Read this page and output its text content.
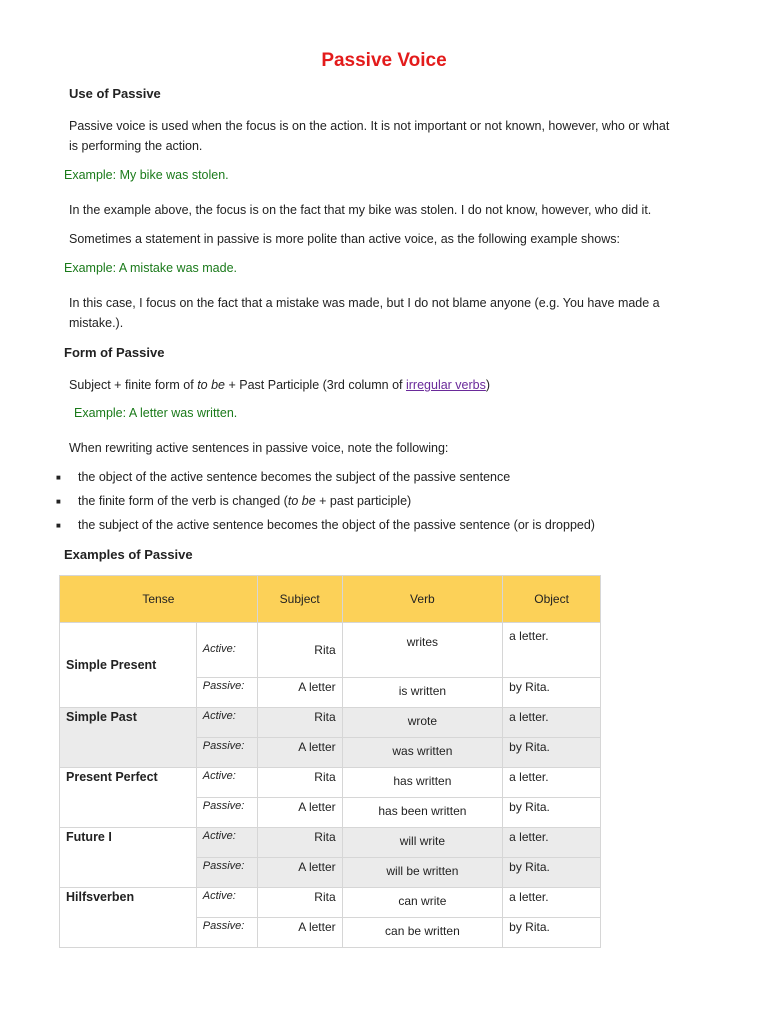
Passive Voice
Use of Passive
Passive voice is used when the focus is on the action. It is not important or not known, however, who or what
is performing the action.
Example: My bike was stolen.
In the example above, the focus is on the fact that my bike was stolen. I do not know, however, who did it.
Sometimes a statement in passive is more polite than active voice, as the following example shows:
Example: A mistake was made.
In this case, I focus on the fact that a mistake was made, but I do not blame anyone (e.g. You have made a
mistake.).
Form of Passive
Subject + finite form of to be + Past Participle (3rd column of irregular verbs)
Example: A letter was written.
When rewriting active sentences in passive voice, note the following:
■ the object of the active sentence becomes the subject of the passive sentence
■ the finite form of the verb is changed (to be + past participle)
■ the subject of the active sentence becomes the object of the passive sentence (or is dropped)
Examples of Passive
Tense		Subject	Verb	Object
Simple Present	Active:	Rita	writes	a letter.
	Passive:	A letter	is written	by Rita.
Simple Past	Active:	Rita	wrote	a letter.
	Passive:	A letter	was written	by Rita.
Present Perfect	Active:	Rita	has written	a letter.
	Passive:	A letter	has been written	by Rita.
Future I	Active:	Rita	will write	a letter.
	Passive:	A letter	will be written	by Rita.
Hilfsverben	Active:	Rita	can write	a letter.
	Passive:	A letter	can be written	by Rita.
